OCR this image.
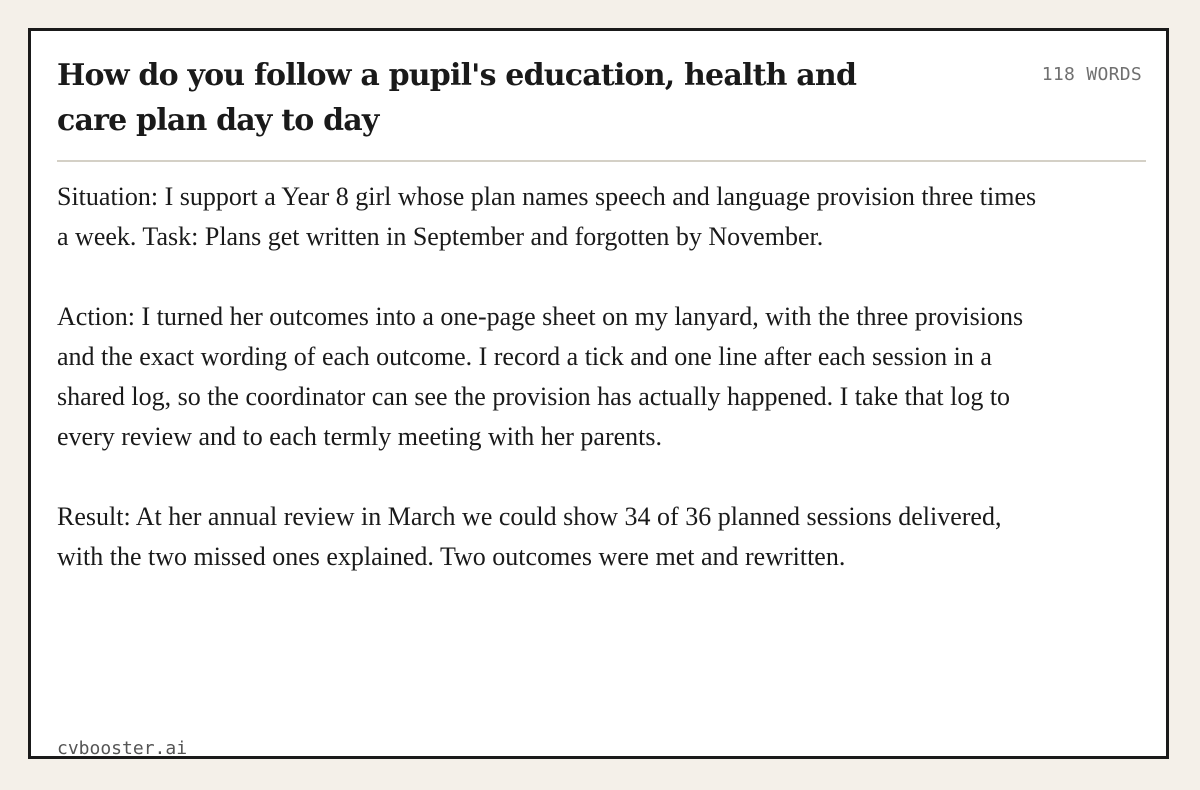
How do you follow a pupil's education, health and care plan day to day
118 WORDS

Situation: I support a Year 8 girl whose plan names speech and language provision three times a week. Task: Plans get written in September and forgotten by November.

Action: I turned her outcomes into a one-page sheet on my lanyard, with the three provisions and the exact wording of each outcome. I record a tick and one line after each session in a shared log, so the coordinator can see the provision has actually happened. I take that log to every review and to each termly meeting with her parents.

Result: At her annual review in March we could show 34 of 36 planned sessions delivered, with the two missed ones explained. Two outcomes were met and rewritten.

cvbooster.ai
